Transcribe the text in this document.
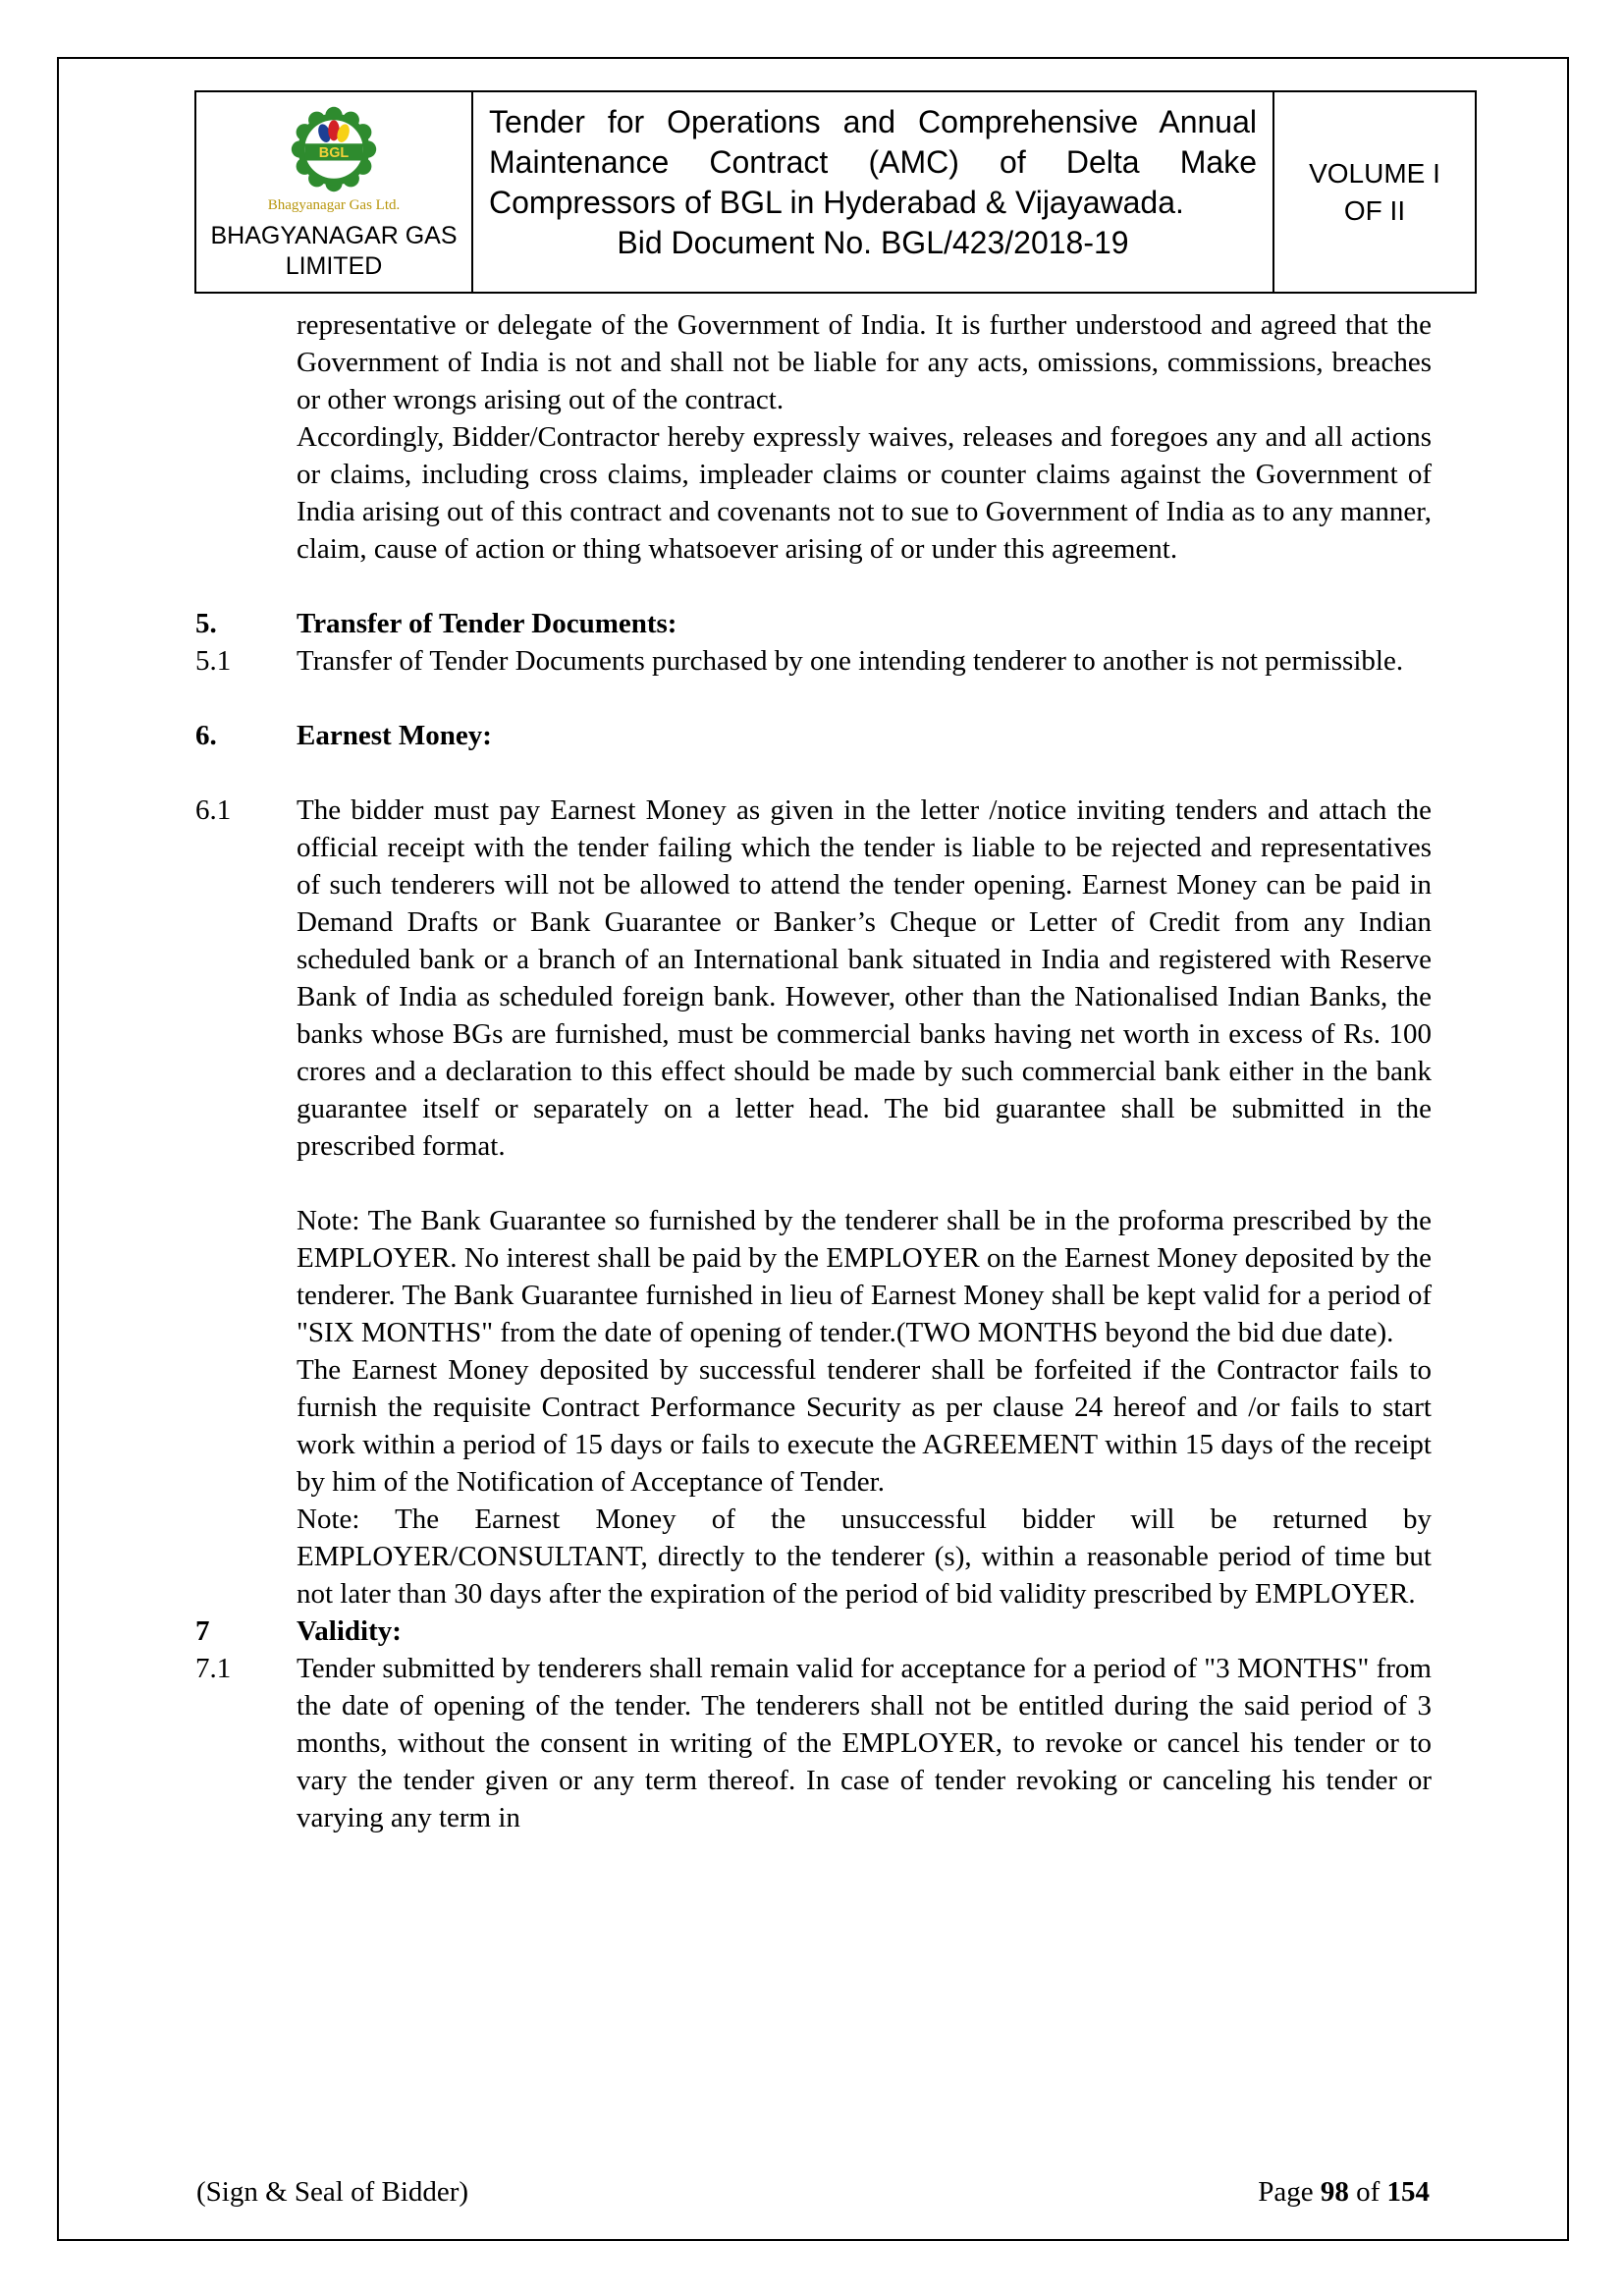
BGL
Bhagyanagar Gas Ltd.
BHAGYANAGAR GAS
LIMITED
Tender for Operations and Comprehensive Annual Maintenance Contract (AMC) of Delta Make Compressors of BGL in Hyderabad & Vijayawada.
Bid Document No. BGL/423/2018-19
VOLUME I
OF II
representative or delegate of the Government of India. It is further understood and agreed that the Government of India is not and shall not be liable for any acts, omissions, commissions, breaches or other wrongs arising out of the contract.
Accordingly, Bidder/Contractor hereby expressly waives, releases and foregoes any and all actions or claims, including cross claims, impleader claims or counter claims against the Government of India arising out of this contract and covenants not to sue to Government of India as to any manner, claim, cause of action or thing whatsoever arising of or under this agreement.
5.	Transfer of Tender Documents:
5.1 Transfer of Tender Documents purchased by one intending tenderer to another is not permissible.
6.	Earnest Money:
6.1 The bidder must pay Earnest Money as given in the letter /notice inviting tenders and attach the official receipt with the tender failing which the tender is liable to be rejected and representatives of such tenderers will not be allowed to attend the tender opening. Earnest Money can be paid in Demand Drafts or Bank Guarantee or Banker’s Cheque or Letter of Credit from any Indian scheduled bank or a branch of an International bank situated in India and registered with Reserve Bank of India as scheduled foreign bank. However, other than the Nationalised Indian Banks, the banks whose BGs are furnished, must be commercial banks having net worth in excess of Rs. 100 crores and a declaration to this effect should be made by such commercial bank either in the bank guarantee itself or separately on a letter head. The bid guarantee shall be submitted in the prescribed format.
Note: The Bank Guarantee so furnished by the tenderer shall be in the proforma prescribed by the EMPLOYER. No interest shall be paid by the EMPLOYER on the Earnest Money deposited by the tenderer. The Bank Guarantee furnished in lieu of Earnest Money shall be kept valid for a period of "SIX MONTHS" from the date of opening of tender.(TWO MONTHS beyond the bid due date).
The Earnest Money deposited by successful tenderer shall be forfeited if the Contractor fails to furnish the requisite Contract Performance Security as per clause 24 hereof and /or fails to start work within a period of 15 days or fails to execute the AGREEMENT within 15 days of the receipt by him of the Notification of Acceptance of Tender.
Note: The Earnest Money of the unsuccessful bidder will be returned by EMPLOYER/CONSULTANT, directly to the tenderer (s), within a reasonable period of time but not later than 30 days after the expiration of the period of bid validity prescribed by EMPLOYER.
7	Validity:
7.1 Tender submitted by tenderers shall remain valid for acceptance for a period of "3 MONTHS" from the date of opening of the tender. The tenderers shall not be entitled during the said period of 3 months, without the consent in writing of the EMPLOYER, to revoke or cancel his tender or to vary the tender given or any term thereof. In case of tender revoking or canceling his tender or varying any term in
(Sign & Seal of Bidder)	Page 98 of 154
